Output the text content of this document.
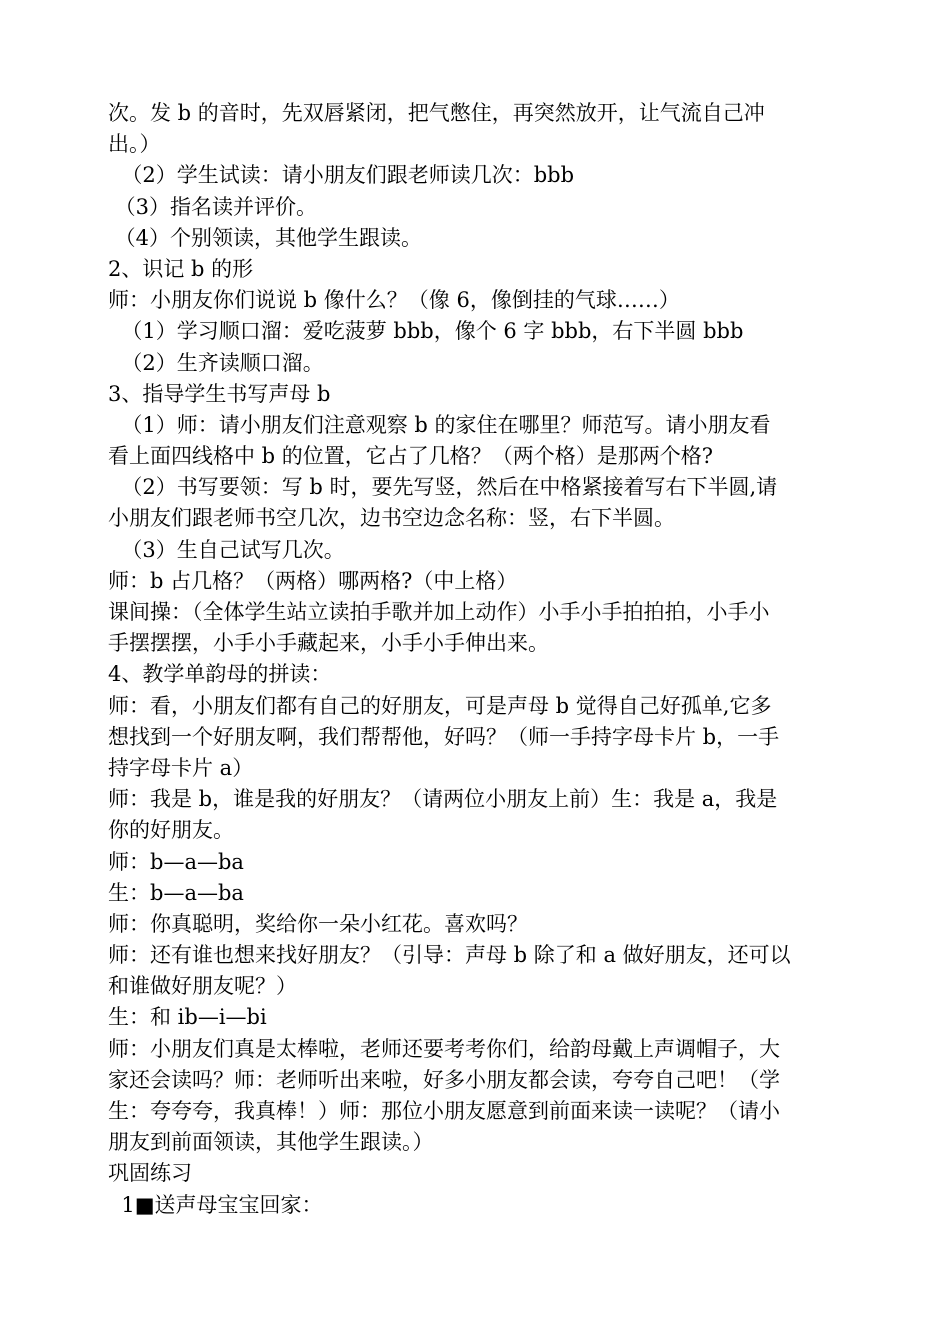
次。发 b 的音时，先双唇紧闭，把气憋住，再突然放开，让气流自己冲
出。）
（2）学生试读：请小朋友们跟老师读几次：bbb
（3）指名读并评价。
（4）个别领读，其他学生跟读。
2、识记 b 的形
师：小朋友你们说说 b 像什么？（像 6，像倒挂的气球……）
（1）学习顺口溜：爱吃菠萝 bbb，像个 6 字 bbb，右下半圆 bbb
（2）生齐读顺口溜。
3、指导学生书写声母 b
（1）师：请小朋友们注意观察 b 的家住在哪里？师范写。请小朋友看
看上面四线格中 b 的位置，它占了几格？（两个格）是那两个格?
（2）书写要领：写 b 时，要先写竖，然后在中格紧接着写右下半圆,请
小朋友们跟老师书空几次，边书空边念名称：竖，右下半圆。
（3）生自己试写几次。
师：b 占几格？（两格）哪两格?（中上格）
课间操：（全体学生站立读拍手歌并加上动作）小手小手拍拍拍，小手小
手摆摆摆，小手小手藏起来，小手小手伸出来。
4、教学单韵母的拼读：
师：看，小朋友们都有自己的好朋友，可是声母 b 觉得自己好孤单,它多
想找到一个好朋友啊，我们帮帮他，好吗？（师一手持字母卡片 b，一手
持字母卡片 a）
师：我是 b，谁是我的好朋友？（请两位小朋友上前）生：我是 a，我是
你的好朋友。
师：b—a—ba
生：b—a—ba
师：你真聪明，奖给你一朵小红花。喜欢吗？
师：还有谁也想来找好朋友？（引导：声母 b 除了和 a 做好朋友，还可以
和谁做好朋友呢？）
生：和 ib—i—bi
师：小朋友们真是太棒啦，老师还要考考你们，给韵母戴上声调帽子，大
家还会读吗？师：老师听出来啦，好多小朋友都会读，夸夸自己吧！（学
生：夸夸夸，我真棒！）师：那位小朋友愿意到前面来读一读呢？（请小
朋友到前面领读，其他学生跟读。）
巩固练习
1■送声母宝宝回家：
